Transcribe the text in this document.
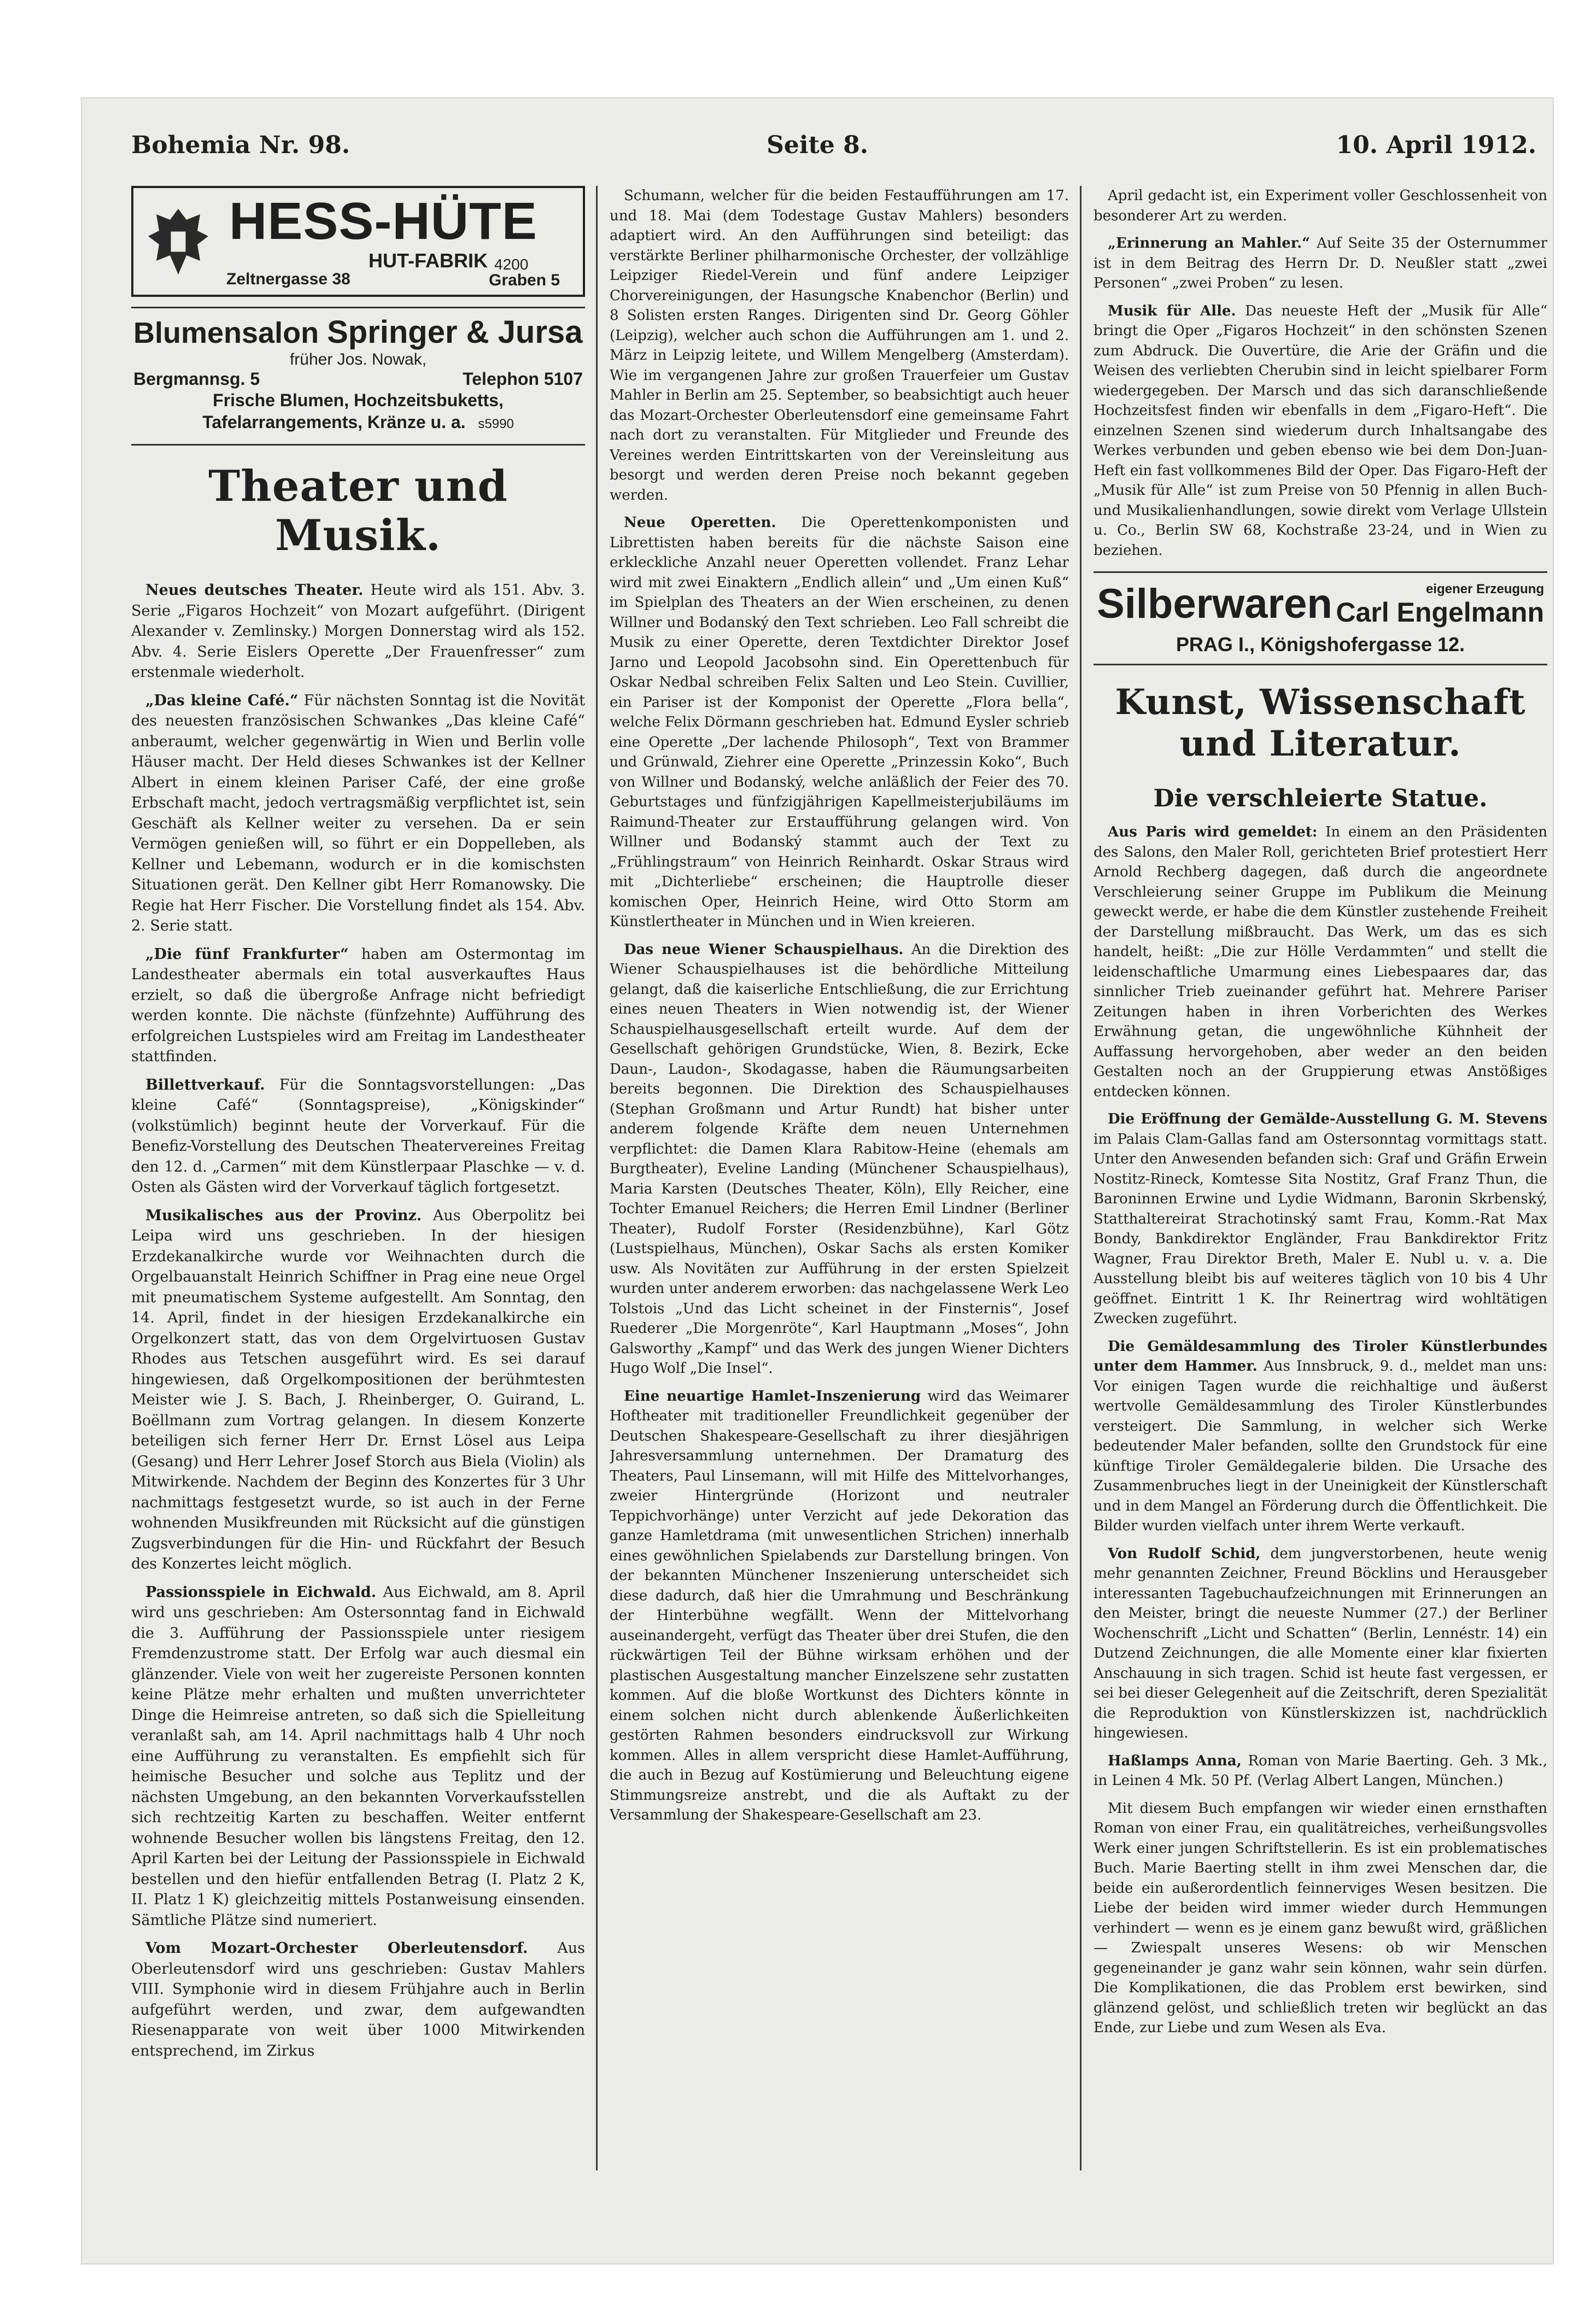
Bohemia Nr. 98.	Seite 8.	10. April 1912.
HESS-HÜTE
HUT-FABRIK 4200
Zeltnergasse 38	Graben 5
Blumensalon Springer & Jursa
früher Jos. Nowak,
Bergmannsg. 5	Telephon 5107
Frische Blumen, Hochzeitsbuketts, Tafelarrangements, Kränze u. a. s5990
Theater und Musik.

Neues deutsches Theater. Heute wird als 151. Abv. 3. Serie „Figaros Hochzeit“ von Mozart aufgeführt. (Dirigent Alexander v. Zemlinsky.) Morgen Donnerstag wird als 152. Abv. 4. Serie Eislers Operette „Der Frauenfresser“ zum erstenmale wiederholt.

„Das kleine Café.“ Für nächsten Sonntag ist die Novität des neuesten französischen Schwankes „Das kleine Café“ anberaumt, welcher gegenwärtig in Wien und Berlin volle Häuser macht. Der Held dieses Schwankes ist der Kellner Albert in einem kleinen Pariser Café, der eine große Erbschaft macht, jedoch vertragsmäßig verpflichtet ist, sein Geschäft als Kellner weiter zu versehen. Da er sein Vermögen genießen will, so führt er ein Doppelleben, als Kellner und Lebemann, wodurch er in die komischsten Situationen gerät. Den Kellner gibt Herr Romanowsky. Die Regie hat Herr Fischer. Die Vorstellung findet als 154. Abv. 2. Serie statt.

„Die fünf Frankfurter“ haben am Ostermontag im Landestheater abermals ein total ausverkauftes Haus erzielt, so daß die übergroße Anfrage nicht befriedigt werden konnte. Die nächste (fünfzehnte) Aufführung des erfolgreichen Lustspieles wird am Freitag im Landestheater stattfinden.

Billettverkauf. Für die Sonntagsvorstellungen: „Das kleine Café“ (Sonntagspreise), „Königskinder“ (volkstümlich) beginnt heute der Vorverkauf. Für die Benefiz-Vorstellung des Deutschen Theatervereines Freitag den 12. d. „Carmen“ mit dem Künstlerpaar Plaschke — v. d. Osten als Gästen wird der Vorverkauf täglich fortgesetzt.

Musikalisches aus der Provinz. Aus Oberpolitz bei Leipa wird uns geschrieben. In der hiesigen Erzdekanalkirche wurde vor Weihnachten durch die Orgelbauanstalt Heinrich Schiffner in Prag eine neue Orgel mit pneumatischem Systeme aufgestellt. Am Sonntag, den 14. April, findet in der hiesigen Erzdekanalkirche ein Orgelkonzert statt, das von dem Orgelvirtuosen Gustav Rhodes aus Tetschen ausgeführt wird. Es sei darauf hingewiesen, daß Orgelkompositionen der berühmtesten Meister wie J. S. Bach, J. Rheinberger, O. Guirand, L. Boëllmann zum Vortrag gelangen. In diesem Konzerte beteiligen sich ferner Herr Dr. Ernst Lösel aus Leipa (Gesang) und Herr Lehrer Josef Storch aus Biela (Violin) als Mitwirkende. Nachdem der Beginn des Konzertes für 3 Uhr nachmittags festgesetzt wurde, so ist auch in der Ferne wohnenden Musikfreunden mit Rücksicht auf die günstigen Zugsverbindungen für die Hin- und Rückfahrt der Besuch des Konzertes leicht möglich.

Passionsspiele in Eichwald. Aus Eichwald, am 8. April wird uns geschrieben: Am Ostersonntag fand in Eichwald die 3. Aufführung der Passionsspiele unter riesigem Fremdenzustrome statt. Der Erfolg war auch diesmal ein glänzender. Viele von weit her zugereiste Personen konnten keine Plätze mehr erhalten und mußten unverrichteter Dinge die Heimreise antreten, so daß sich die Spielleitung veranlaßt sah, am 14. April nachmittags halb 4 Uhr noch eine Aufführung zu veranstalten. Es empfiehlt sich für heimische Besucher und solche aus Teplitz und der nächsten Umgebung, an den bekannten Vorverkaufsstellen sich rechtzeitig Karten zu beschaffen. Weiter entfernt wohnende Besucher wollen bis längstens Freitag, den 12. April Karten bei der Leitung der Passionsspiele in Eichwald bestellen und den hiefür entfallenden Betrag (I. Platz 2 K, II. Platz 1 K) gleichzeitig mittels Postanweisung einsenden. Sämtliche Plätze sind numeriert.

Vom Mozart-Orchester Oberleutensdorf. Aus Oberleutensdorf wird uns geschrieben: Gustav Mahlers VIII. Symphonie wird in diesem Frühjahre auch in Berlin aufgeführt werden, und zwar, dem aufgewandten Riesenapparate von weit über 1000 Mitwirkenden entsprechend, im Zirkus

Schumann, welcher für die beiden Festaufführungen am 17. und 18. Mai (dem Todestage Gustav Mahlers) besonders adaptiert wird. An den Aufführungen sind beteiligt: das verstärkte Berliner philharmonische Orchester, der vollzählige Leipziger Riedel-Verein und fünf andere Leipziger Chorvereinigungen, der Hasungsche Knabenchor (Berlin) und 8 Solisten ersten Ranges. Dirigenten sind Dr. Georg Göhler (Leipzig), welcher auch schon die Aufführungen am 1. und 2. März in Leipzig leitete, und Willem Mengelberg (Amsterdam). Wie im vergangenen Jahre zur großen Trauerfeier um Gustav Mahler in Berlin am 25. September, so beabsichtigt auch heuer das Mozart-Orchester Oberleutensdorf eine gemeinsame Fahrt nach dort zu veranstalten. Für Mitglieder und Freunde des Vereines werden Eintrittskarten von der Vereinsleitung aus besorgt und werden deren Preise noch bekannt gegeben werden.

Neue Operetten. Die Operettenkomponisten und Librettisten haben bereits für die nächste Saison eine erkleckliche Anzahl neuer Operetten vollendet. Franz Lehar wird mit zwei Einaktern „Endlich allein“ und „Um einen Kuß“ im Spielplan des Theaters an der Wien erscheinen, zu denen Willner und Bodanský den Text schrieben. Leo Fall schreibt die Musik zu einer Operette, deren Textdichter Direktor Josef Jarno und Leopold Jacobsohn sind. Ein Operettenbuch für Oskar Nedbal schreiben Felix Salten und Leo Stein. Cuvillier, ein Pariser ist der Komponist der Operette „Flora bella“, welche Felix Dörmann geschrieben hat. Edmund Eysler schrieb eine Operette „Der lachende Philosoph“, Text von Brammer und Grünwald, Ziehrer eine Operette „Prinzessin Koko“, Buch von Willner und Bodanský, welche anläßlich der Feier des 70. Geburtstages und fünfzigjährigen Kapellmeisterjubiläums im Raimund-Theater zur Erstaufführung gelangen wird. Von Willner und Bodanský stammt auch der Text zu „Frühlingstraum“ von Heinrich Reinhardt. Oskar Straus wird mit „Dichterliebe“ erscheinen; die Hauptrolle dieser komischen Oper, Heinrich Heine, wird Otto Storm am Künstlertheater in München und in Wien kreieren.

Das neue Wiener Schauspielhaus. An die Direktion des Wiener Schauspielhauses ist die behördliche Mitteilung gelangt, daß die kaiserliche Entschließung, die zur Errichtung eines neuen Theaters in Wien notwendig ist, der Wiener Schauspielhausgesellschaft erteilt wurde. Auf dem der Gesellschaft gehörigen Grundstücke, Wien, 8. Bezirk, Ecke Daun-, Laudon-, Skodagasse, haben die Räumungsarbeiten bereits begonnen. Die Direktion des Schauspielhauses (Stephan Großmann und Artur Rundt) hat bisher unter anderem folgende Kräfte dem neuen Unternehmen verpflichtet: die Damen Klara Rabitow-Heine (ehemals am Burgtheater), Eveline Landing (Münchener Schauspielhaus), Maria Karsten (Deutsches Theater, Köln), Elly Reicher, eine Tochter Emanuel Reichers; die Herren Emil Lindner (Berliner Theater), Rudolf Forster (Residenzbühne), Karl Götz (Lustspielhaus, München), Oskar Sachs als ersten Komiker usw. Als Novitäten zur Aufführung in der ersten Spielzeit wurden unter anderem erworben: das nachgelassene Werk Leo Tolstois „Und das Licht scheinet in der Finsternis“, Josef Ruederer „Die Morgenröte“, Karl Hauptmann „Moses“, John Galsworthy „Kampf“ und das Werk des jungen Wiener Dichters Hugo Wolf „Die Insel“.

Eine neuartige Hamlet-Inszenierung wird das Weimarer Hoftheater mit traditioneller Freundlichkeit gegenüber der Deutschen Shakespeare-Gesellschaft zu ihrer diesjährigen Jahresversammlung unternehmen. Der Dramaturg des Theaters, Paul Linsemann, will mit Hilfe des Mittelvorhanges, zweier Hintergründe (Horizont und neutraler Teppichvorhänge) unter Verzicht auf jede Dekoration das ganze Hamletdrama (mit unwesentlichen Strichen) innerhalb eines gewöhnlichen Spielabends zur Darstellung bringen. Von der bekannten Münchener Inszenierung unterscheidet sich diese dadurch, daß hier die Umrahmung und Beschränkung der Hinterbühne wegfällt. Wenn der Mittelvorhang auseinandergeht, verfügt das Theater über drei Stufen, die den rückwärtigen Teil der Bühne wirksam erhöhen und der plastischen Ausgestaltung mancher Einzelszene sehr zustatten kommen. Auf die bloße Wortkunst des Dichters könnte in einem solchen nicht durch ablenkende Äußerlichkeiten gestörten Rahmen besonders eindrucksvoll zur Wirkung kommen. Alles in allem verspricht diese Hamlet-Aufführung, die auch in Bezug auf Kostümierung und Beleuchtung eigene Stimmungsreize anstrebt, und die als Auftakt zu der Versammlung der Shakespeare-Gesellschaft am 23.

April gedacht ist, ein Experiment voller Geschlossenheit von besonderer Art zu werden.

„Erinnerung an Mahler.“ Auf Seite 35 der Osternummer ist in dem Beitrag des Herrn Dr. D. Neußler statt „zwei Personen“ „zwei Proben“ zu lesen.

Musik für Alle. Das neueste Heft der „Musik für Alle“ bringt die Oper „Figaros Hochzeit“ in den schönsten Szenen zum Abdruck. Die Ouvertüre, die Arie der Gräfin und die Weisen des verliebten Cherubin sind in leicht spielbarer Form wiedergegeben. Der Marsch und das sich daranschließende Hochzeitsfest finden wir ebenfalls in dem „Figaro-Heft“. Die einzelnen Szenen sind wiederum durch Inhaltsangabe des Werkes verbunden und geben ebenso wie bei dem Don-Juan-Heft ein fast vollkommenes Bild der Oper. Das Figaro-Heft der „Musik für Alle“ ist zum Preise von 50 Pfennig in allen Buch- und Musikalienhandlungen, sowie direkt vom Verlage Ullstein u. Co., Berlin SW 68, Kochstraße 23-24, und in Wien zu beziehen.

Silberwaren	eigener Erzeugung
Carl Engelmann
PRAG I., Königshofergasse 12.
Kunst, Wissenschaft und Literatur.
Die verschleierte Statue.

Aus Paris wird gemeldet: In einem an den Präsidenten des Salons, den Maler Roll, gerichteten Brief protestiert Herr Arnold Rechberg dagegen, daß durch die angeordnete Verschleierung seiner Gruppe im Publikum die Meinung geweckt werde, er habe die dem Künstler zustehende Freiheit der Darstellung mißbraucht. Das Werk, um das es sich handelt, heißt: „Die zur Hölle Verdammten“ und stellt die leidenschaftliche Umarmung eines Liebespaares dar, das sinnlicher Trieb zueinander geführt hat. Mehrere Pariser Zeitungen haben in ihren Vorberichten des Werkes Erwähnung getan, die ungewöhnliche Kühnheit der Auffassung hervorgehoben, aber weder an den beiden Gestalten noch an der Gruppierung etwas Anstößiges entdecken können.

Die Eröffnung der Gemälde-Ausstellung G. M. Stevens im Palais Clam-Gallas fand am Ostersonntag vormittags statt. Unter den Anwesenden befanden sich: Graf und Gräfin Erwein Nostitz-Rineck, Komtesse Sita Nostitz, Graf Franz Thun, die Baroninnen Erwine und Lydie Widmann, Baronin Skrbenský, Statthaltereirat Strachotinský samt Frau, Komm.-Rat Max Bondy, Bankdirektor Engländer, Frau Bankdirektor Fritz Wagner, Frau Direktor Breth, Maler E. Nubl u. v. a. Die Ausstellung bleibt bis auf weiteres täglich von 10 bis 4 Uhr geöffnet. Eintritt 1 K. Ihr Reinertrag wird wohltätigen Zwecken zugeführt.

Die Gemäldesammlung des Tiroler Künstlerbundes unter dem Hammer. Aus Innsbruck, 9. d., meldet man uns: Vor einigen Tagen wurde die reichhaltige und äußerst wertvolle Gemäldesammlung des Tiroler Künstlerbundes versteigert. Die Sammlung, in welcher sich Werke bedeutender Maler befanden, sollte den Grundstock für eine künftige Tiroler Gemäldegalerie bilden. Die Ursache des Zusammenbruches liegt in der Uneinigkeit der Künstlerschaft und in dem Mangel an Förderung durch die Öffentlichkeit. Die Bilder wurden vielfach unter ihrem Werte verkauft.

Von Rudolf Schid, dem jungverstorbenen, heute wenig mehr genannten Zeichner, Freund Böcklins und Herausgeber interessanten Tagebuchaufzeichnungen mit Erinnerungen an den Meister, bringt die neueste Nummer (27.) der Berliner Wochenschrift „Licht und Schatten“ (Berlin, Lennéstr. 14) ein Dutzend Zeichnungen, die alle Momente einer klar fixierten Anschauung in sich tragen. Schid ist heute fast vergessen, er sei bei dieser Gelegenheit auf die Zeitschrift, deren Spezialität die Reproduktion von Künstlerskizzen ist, nachdrücklich hingewiesen.

Haßlamps Anna, Roman von Marie Baerting. Geh. 3 Mk., in Leinen 4 Mk. 50 Pf. (Verlag Albert Langen, München.)

Mit diesem Buch empfangen wir wieder einen ernsthaften Roman von einer Frau, ein qualitätreiches, verheißungsvolles Werk einer jungen Schriftstellerin. Es ist ein problematisches Buch. Marie Baerting stellt in ihm zwei Menschen dar, die beide ein außerordentlich feinnerviges Wesen besitzen. Die Liebe der beiden wird immer wieder durch Hemmungen verhindert — wenn es je einem ganz bewußt wird, gräßlichen — Zwiespalt unseres Wesens: ob wir Menschen gegeneinander je ganz wahr sein können, wahr sein dürfen. Die Komplikationen, die das Problem erst bewirken, sind glänzend gelöst, und schließlich treten wir beglückt an das Ende, zur Liebe und zum Wesen als Eva.
